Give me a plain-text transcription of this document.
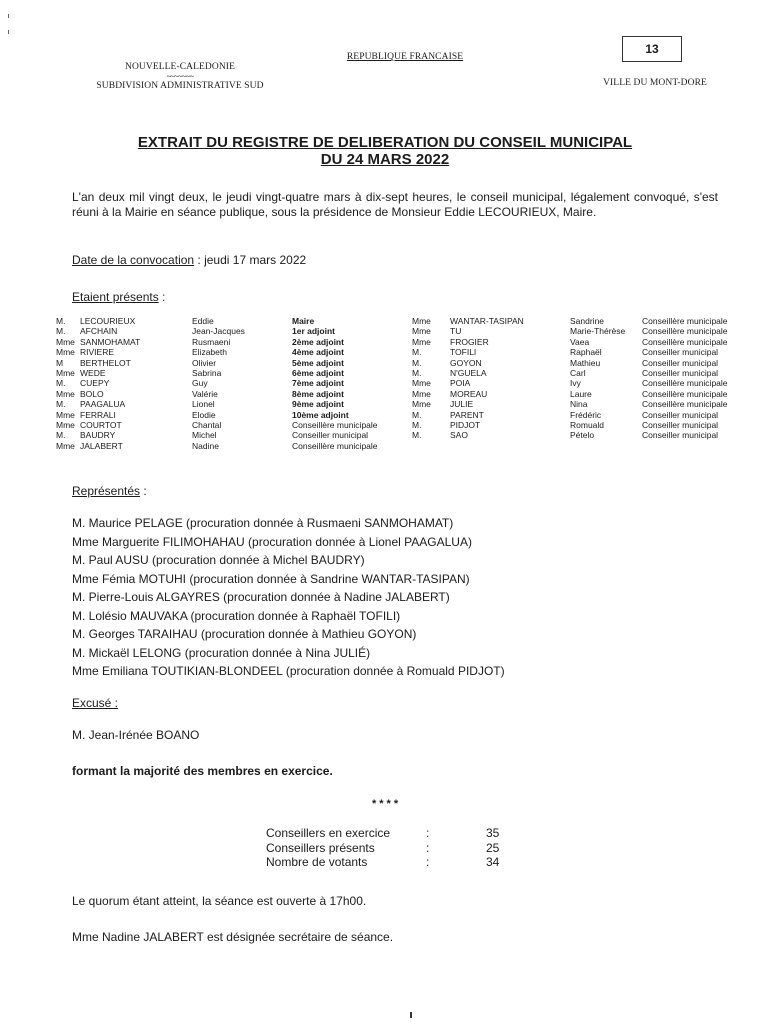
NOUVELLE-CALEDONIE
~~~~~~~
SUBDIVISION ADMINISTRATIVE SUD
REPUBLIQUE FRANCAISE
13
VILLE DU MONT-DORE
EXTRAIT DU REGISTRE DE DELIBERATION DU CONSEIL MUNICIPAL
DU 24 MARS 2022
L'an deux mil vingt deux, le jeudi vingt-quatre mars à dix-sept heures, le conseil municipal, légalement convoqué, s'est réuni à la Mairie en séance publique, sous la présidence de Monsieur Eddie LECOURIEUX, Maire.
Date de la convocation : jeudi 17 mars 2022
Etaient présents :
M.	LECOURIEUX	Eddie	Maire	Mme	WANTAR-TASIPAN	Sandrine	Conseillère municipale
M.	AFCHAIN	Jean-Jacques	1er adjoint	Mme	TU	Marie-Thérèse	Conseillère municipale
Mme	SANMOHAMAT	Rusmaeni	2ème adjoint	Mme	FROGIER	Vaea	Conseillère municipale
Mme	RIVIERE	Elizabeth	4ème adjoint	M.	TOFILI	Raphaël	Conseiller municipal
M	BERTHELOT	Olivier	5ème adjoint	M.	GOYON	Mathieu	Conseiller municipal
Mme	WEDE	Sabrina	6ème adjoint	M.	N'GUELA	Carl	Conseiller municipal
M.	CUEPY	Guy	7ème adjoint	Mme	POIA	Ivy	Conseillère municipale
Mme	BOLO	Valérie	8ème adjoint	Mme	MOREAU	Laure	Conseillère municipale
M.	PAAGALUA	Lionel	9ème adjoint	Mme	JULIE	Nina	Conseillère municipale
Mme	FERRALI	Elodie	10ème adjoint	M.	PARENT	Frédéric	Conseiller municipal
Mme	COURTOT	Chantal	Conseillère municipale	M.	PIDJOT	Romuald	Conseiller municipal
M.	BAUDRY	Michel	Conseiller municipal	M.	SAO	Pételo	Conseiller municipal
Mme	JALABERT	Nadine	Conseillère municipale				
Représentés :
M. Maurice PELAGE (procuration donnée à Rusmaeni SANMOHAMAT)
Mme Marguerite FILIMOHAHAU (procuration donnée à Lionel PAAGALUA)
M. Paul AUSU (procuration donnée à Michel BAUDRY)
Mme Fémia MOTUHI (procuration donnée à Sandrine WANTAR-TASIPAN)
M. Pierre-Louis ALGAYRES (procuration donnée à Nadine JALABERT)
M. Lolésio MAUVAKA (procuration donnée à Raphaël TOFILI)
M. Georges TARAIHAU (procuration donnée à Mathieu GOYON)
M. Mickaël LELONG (procuration donnée à Nina JULIÉ)
Mme Emiliana TOUTIKIAN-BLONDEEL (procuration donnée à Romuald PIDJOT)
Excusé :
M. Jean-Irénée BOANO
formant la majorité des membres en exercice.
****
Conseillers en exercice	:	35
Conseillers présents	:	25
Nombre de votants	:	34
Le quorum étant atteint, la séance est ouverte à 17h00.
Mme Nadine JALABERT est désignée secrétaire de séance.
